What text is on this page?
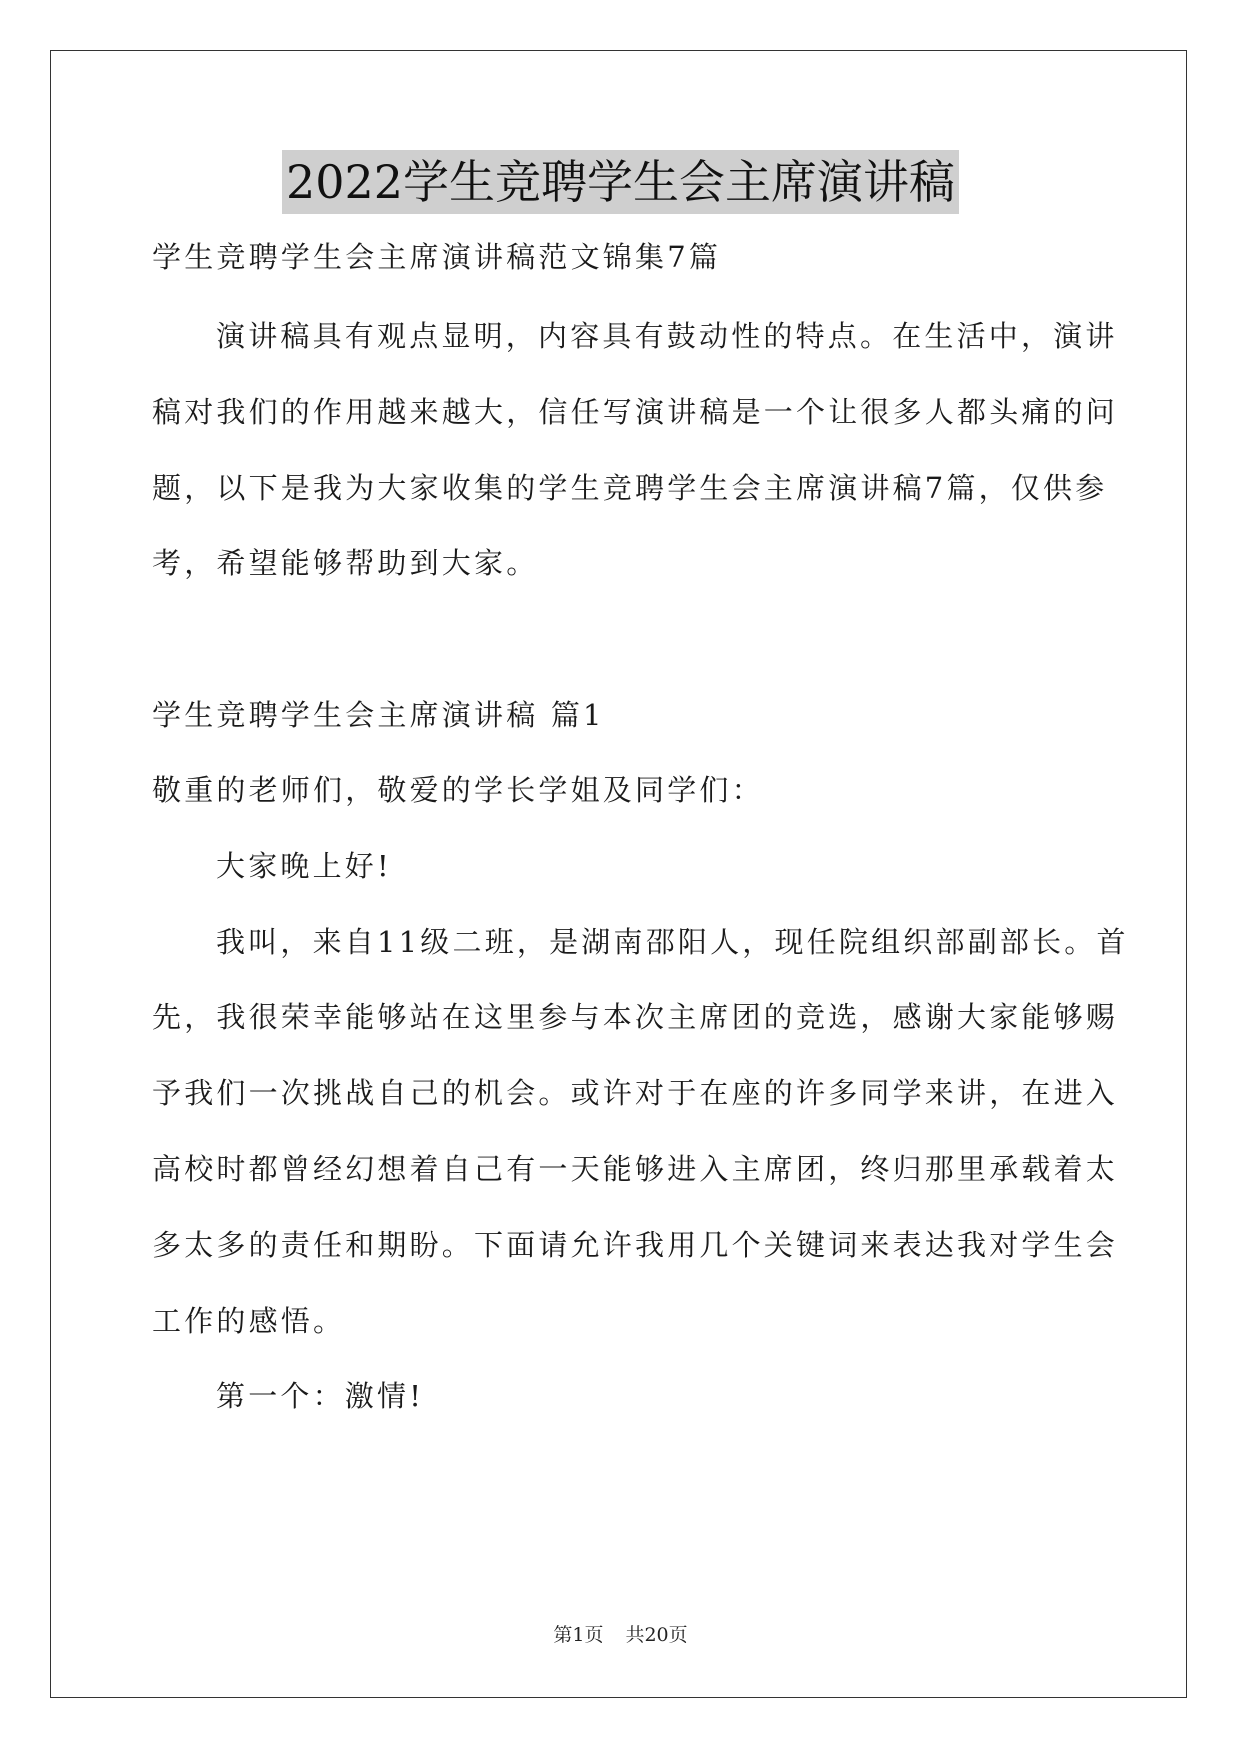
2022学生竞聘学生会主席演讲稿
学生竞聘学生会主席演讲稿范文锦集7篇
演讲稿具有观点显明，内容具有鼓动性的特点。在生活中，演讲
稿对我们的作用越来越大，信任写演讲稿是一个让很多人都头痛的问
题，以下是我为大家收集的学生竞聘学生会主席演讲稿7篇，仅供参
考，希望能够帮助到大家。
学生竞聘学生会主席演讲稿 篇1
敬重的老师们，敬爱的学长学姐及同学们：
大家晚上好!
我叫，来自11级二班，是湖南邵阳人，现任院组织部副部长。首
先，我很荣幸能够站在这里参与本次主席团的竞选，感谢大家能够赐
予我们一次挑战自己的机会。或许对于在座的许多同学来讲，在进入
高校时都曾经幻想着自己有一天能够进入主席团，终归那里承载着太
多太多的责任和期盼。下面请允许我用几个关键词来表达我对学生会
工作的感悟。
第一个：激情!
第1页 共20页
